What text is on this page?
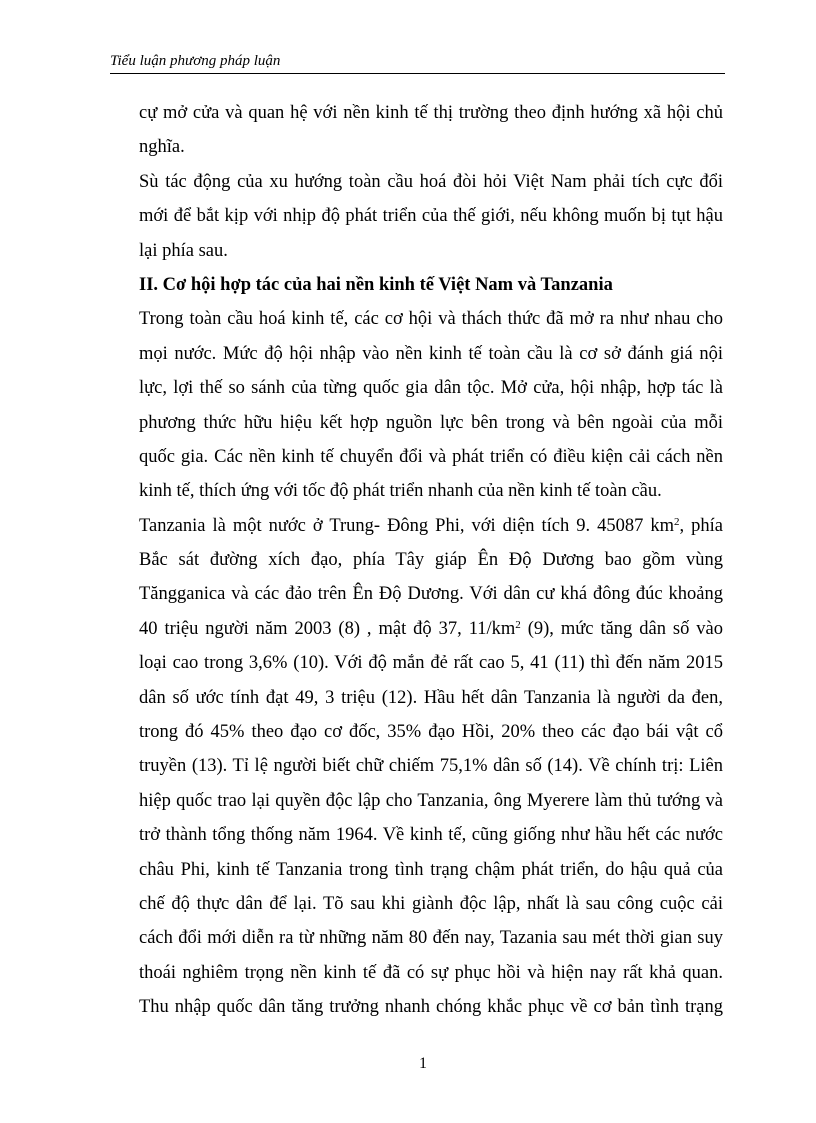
Tiểu luận phương pháp luận
cự mở cửa và quan hệ với nền kinh tế thị trường theo định hướng xã hội chủ
nghĩa.
Sù tác động của xu hướng toàn cầu hoá đòi hỏi Việt Nam phải tích cực đổi
mới để bắt kịp với nhịp độ phát triển của thế giới, nếu không muốn bị tụt hậu
lại phía sau.
II. Cơ hội hợp tác của hai nền kinh tế Việt Nam và Tanzania
Trong toàn cầu hoá kinh tế, các cơ hội và thách thức đã mở ra như nhau cho
mọi nước. Mức độ hội nhập vào nền kinh tế toàn cầu là cơ sở đánh giá nội
lực, lợi thế so sánh của từng quốc gia dân tộc. Mở cửa, hội nhập, hợp tác là
phương thức hữu hiệu kết hợp nguồn lực bên trong và bên ngoài của mỗi
quốc gia. Các nền kinh tế chuyển đổi và phát triển có điều kiện cải cách nền
kinh tế, thích ứng với tốc độ phát triển nhanh của nền kinh tế toàn cầu.
Tanzania là một nước ở Trung- Đông Phi, với diện tích 9. 45087 $km^2$, phía
Bắc sát đường xích đạo, phía Tây giáp Ên Độ Dương bao gồm vùng
Tăngganica và các đảo trên Ên Độ Dương. Với dân cư khá đông đúc khoảng
40 triệu người năm 2003 (8) , mật độ 37, $11/km^2$ (9), mức tăng dân số vào
loại cao trong 3,6% (10). Với độ mắn đẻ rất cao 5, 41 (11) thì đến năm 2015
dân số ước tính đạt 49, 3 triệu (12). Hầu hết dân Tanzania là người da đen,
trong đó 45% theo đạo cơ đốc, 35% đạo Hồi, 20% theo các đạo bái vật cổ
truyền (13). Tỉ lệ người biết chữ chiếm 75,1% dân số (14). Về chính trị: Liên
hiệp quốc trao lại quyền độc lập cho Tanzania, ông Myerere làm thủ tướng và
trở thành tổng thống năm 1964. Về kinh tế, cũng giống như hầu hết các nước
châu Phi, kinh tế Tanzania trong tình trạng chậm phát triển, do hậu quả của
chế độ thực dân để lại. Tõ sau khi giành độc lập, nhất là sau công cuộc cải
cách đổi mới diễn ra từ những năm 80 đến nay, Tazania sau mét thời gian suy
thoái nghiêm trọng nền kinh tế đã có sự phục hồi và hiện nay rất khả quan.
Thu nhập quốc dân tăng trưởng nhanh chóng khắc phục về cơ bản tình trạng
1
